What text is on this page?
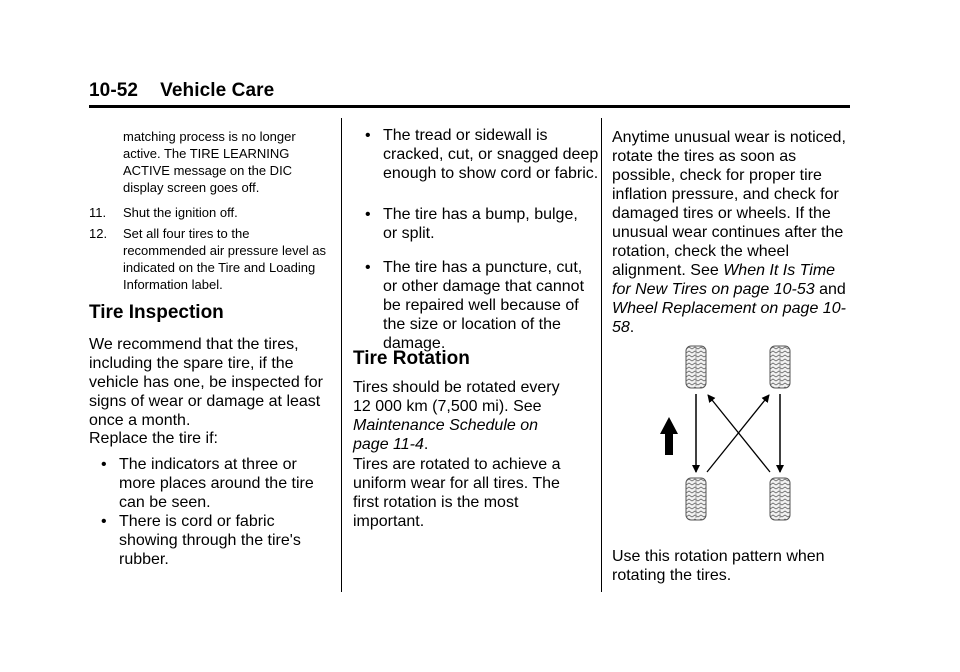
10-52 Vehicle Care

matching process is no longer active. The TIRE LEARNING ACTIVE message on the DIC display screen goes off.

11. Shut the ignition off.
12. Set all four tires to the recommended air pressure level as indicated on the Tire and Loading Information label.

Tire Inspection

We recommend that the tires, including the spare tire, if the vehicle has one, be inspected for signs of wear or damage at least once a month.

Replace the tire if:

• The indicators at three or more places around the tire can be seen.
• There is cord or fabric showing through the tire's rubber.
• The tread or sidewall is cracked, cut, or snagged deep enough to show cord or fabric.
• The tire has a bump, bulge, or split.
• The tire has a puncture, cut, or other damage that cannot be repaired well because of the size or location of the damage.

Tire Rotation

Tires should be rotated every 12 000 km (7,500 mi). See Maintenance Schedule on page 11-4.

Tires are rotated to achieve a uniform wear for all tires. The first rotation is the most important.

Anytime unusual wear is noticed, rotate the tires as soon as possible, check for proper tire inflation pressure, and check for damaged tires or wheels. If the unusual wear continues after the rotation, check the wheel alignment. See When It Is Time for New Tires on page 10-53 and Wheel Replacement on page 10-58.

Use this rotation pattern when rotating the tires.
